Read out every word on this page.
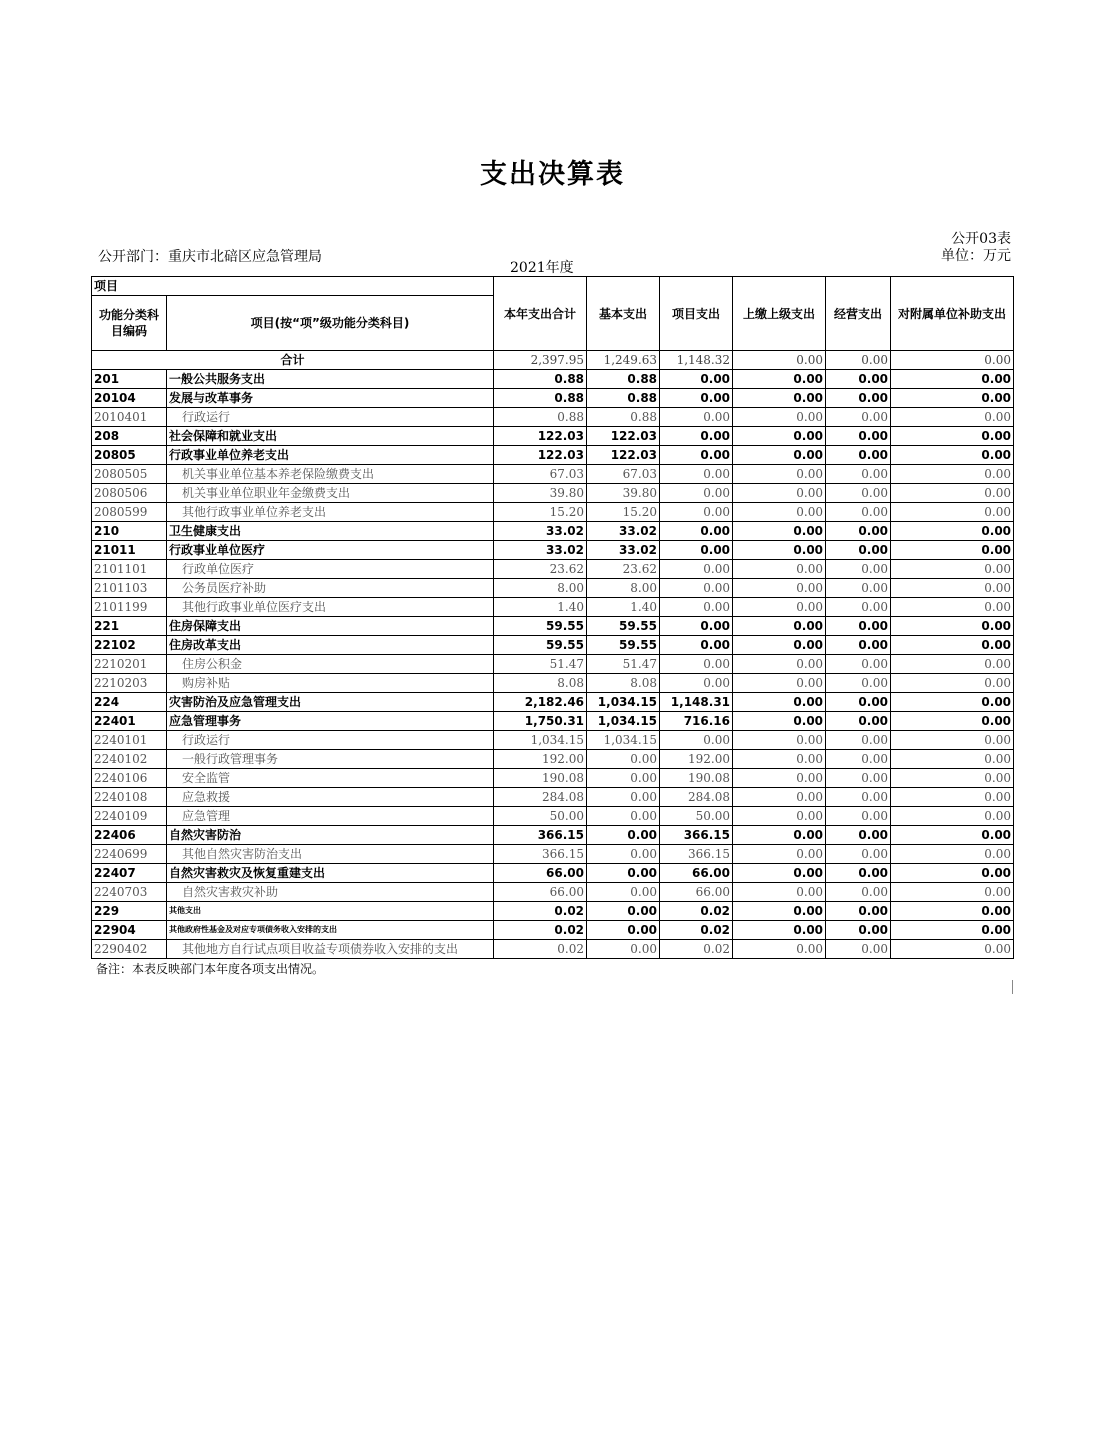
支出决算表
公开部门：重庆市北碚区应急管理局
2021年度
公开03表
单位：万元
项目		本年支出合计	基本支出	项目支出	上缴上级支出	经营支出	对附属单位补助支出
功能分类科目编码	项目(按“项”级功能分类科目)						
合计		2,397.95	1,249.63	1,148.32	0.00	0.00	0.00
201	一般公共服务支出	0.88	0.88	0.00	0.00	0.00	0.00
20104	发展与改革事务	0.88	0.88	0.00	0.00	0.00	0.00
2010401	行政运行	0.88	0.88	0.00	0.00	0.00	0.00
208	社会保障和就业支出	122.03	122.03	0.00	0.00	0.00	0.00
20805	行政事业单位养老支出	122.03	122.03	0.00	0.00	0.00	0.00
2080505	机关事业单位基本养老保险缴费支出	67.03	67.03	0.00	0.00	0.00	0.00
2080506	机关事业单位职业年金缴费支出	39.80	39.80	0.00	0.00	0.00	0.00
2080599	其他行政事业单位养老支出	15.20	15.20	0.00	0.00	0.00	0.00
210	卫生健康支出	33.02	33.02	0.00	0.00	0.00	0.00
21011	行政事业单位医疗	33.02	33.02	0.00	0.00	0.00	0.00
2101101	行政单位医疗	23.62	23.62	0.00	0.00	0.00	0.00
2101103	公务员医疗补助	8.00	8.00	0.00	0.00	0.00	0.00
2101199	其他行政事业单位医疗支出	1.40	1.40	0.00	0.00	0.00	0.00
221	住房保障支出	59.55	59.55	0.00	0.00	0.00	0.00
22102	住房改革支出	59.55	59.55	0.00	0.00	0.00	0.00
2210201	住房公积金	51.47	51.47	0.00	0.00	0.00	0.00
2210203	购房补贴	8.08	8.08	0.00	0.00	0.00	0.00
224	灾害防治及应急管理支出	2,182.46	1,034.15	1,148.31	0.00	0.00	0.00
22401	应急管理事务	1,750.31	1,034.15	716.16	0.00	0.00	0.00
2240101	行政运行	1,034.15	1,034.15	0.00	0.00	0.00	0.00
2240102	一般行政管理事务	192.00	0.00	192.00	0.00	0.00	0.00
2240106	安全监管	190.08	0.00	190.08	0.00	0.00	0.00
2240108	应急救援	284.08	0.00	284.08	0.00	0.00	0.00
2240109	应急管理	50.00	0.00	50.00	0.00	0.00	0.00
22406	自然灾害防治	366.15	0.00	366.15	0.00	0.00	0.00
2240699	其他自然灾害防治支出	366.15	0.00	366.15	0.00	0.00	0.00
22407	自然灾害救灾及恢复重建支出	66.00	0.00	66.00	0.00	0.00	0.00
2240703	自然灾害救灾补助	66.00	0.00	66.00	0.00	0.00	0.00
229	其他支出	0.02	0.00	0.02	0.00	0.00	0.00
22904	其他政府性基金及对应专项债务收入安排的支出	0.02	0.00	0.02	0.00	0.00	0.00
2290402	其他地方自行试点项目收益专项债券收入安排的支出	0.02	0.00	0.02	0.00	0.00	0.00
备注：本表反映部门本年度各项支出情况。
